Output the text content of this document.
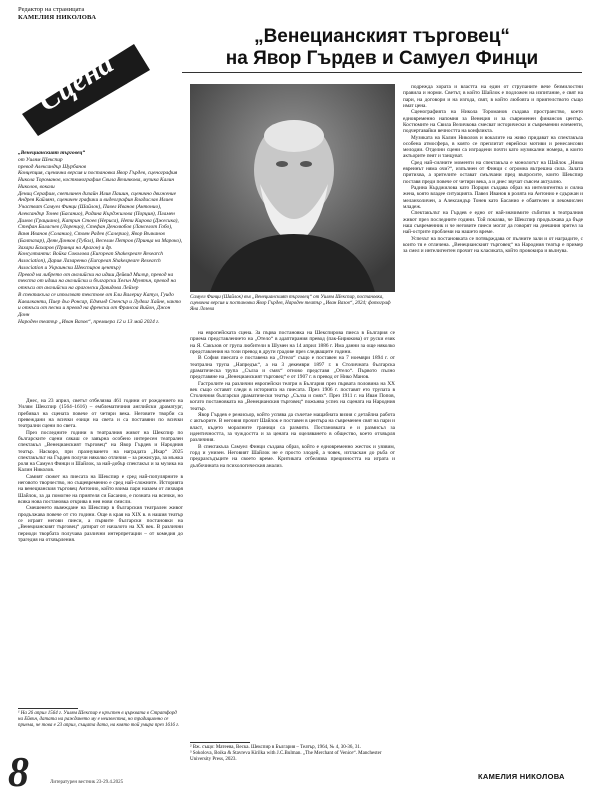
Редактор на страницата
КАМЕЛИЯ НИКОЛОВА
Сцена
„Венецианският търговец“
на Явор Гърдев и Самуел Финци
Самуел Финци (Шайлок) във „Венецианският търговец“ от Уилям Шекспир, постановка, сценична версия и постановка Явор Гърдев, Народен театър „Иван Вазов“, 2024; фотограф Яна Лозева
„Венецианският търговец“
от Уилям Шекспир
превод Александър Шурбанов
Концепция, сценична версия и постановка Явор Гърдев, сценография Никола Тороманов, костюмография Свила Величкова, музика Калин Николов, вокали
Дениц Серафим, светлинен дизайн Илия Пашин, сценично движение Андрея Кайлянз, сценичен графики и видеография Владислав Илиев
Участват Самуел Финци (Шайлок), Павел Иванов (Антонио), Александър Тонев (Басанио), Радина Кърджилова (Порция), Пламен Димов (Грациано), Катрин Стоев (Нериса), Нети Кирова (Джесика), Стефан Баласчев (Лоренцо), Стефан Денолюбов (Ланселот Гобо), Ваня Иванов (Соланио), Стоян Радев (Салерио), Явор Вълканов (Балтазар), Деян Донков (Тубал), Веселин Петров (Принца на Мароко), Захари Бахаров (Принца на Арагон) и др.
Консултанти: Войка Соколова (European Shakespeare Research Association), Дария Лазаренко (European Shakespeare Research Association и Украински Шекспиров център)
Превод на либрето от английски на идиш Дейвид Милър, превод на текста от идиш на английски и български Хелън Мунтън, превод на откъси от английски на арагонски Давидова Лейзер
В спектакъла се използват текстове от Ели Валериу Катул, Гуидо Кавалканти, Пиер дьо Ронсар, Едмънд Спенсър и Лудвиг Хайне, както и откъси от песни и превод на френски от Франсоа Вийон, Джон Донн
Народен театър „Иван Вазов“, премиера 12 и 13 май 2024 г.

Днес, на 23 април, светът отбелязва 461 години от рождението на Уилям Шекспир (1564–1616) – емблематичния английски драматург, пребивал на сцената повече от четири века. Неговите творби са превеждани на всички езици на света и са поставяни по всички театрални сцени по света.

През последните години в театралния живот на Шекспир по българските сцени сякаш се завърна особено интересен театрален спектакъл „Венецианският търговец“ на Явор Гърдев и Народния театър. Наскоро, при празнуването на наградата „Икар“ 2025 спектакълът на Гърдев получи няколко отличия – за режисура, за мъжка роля на Самуел Финци и Шайлок, за най-добър спектакъл и за музика на Калин Николов.

Самият сюжет на пиесата на Шекспир е сред най-популярните в неговото творчество, но същевременно е сред най-сложните. Историята на венецианския търговец Антонио, който взима пари назаем от лихваря Шайлок, за да помогне на приятеля си Басанио, е позната на всички, но всяка нова постановка открива в нея нови смисли.

Смешенето въвеждане на Шекспир в българския театрален живот продължава повече от сто години. Още в края на XIX в. в нашия театър се играят негови пиеси, а първите български постановки на „Венецианският търговец“ датират от началото на XX век. В различни периоди творбата получава различни интерпретации – от комедия до трагедия на отхвърления.

¹ На 26 април 1564 г. Уилям Шекспир е кръстен в църквата в Стратфорд на Ейвън, датата на раждането му е неизвестна, но традиционно се приема, че това е 23 април, същата дата, на която той умира през 1616 г.

на европейската сцена. За първа постановка на Шекспирова пиеса в България се приема представлението на „Отело“ в адаптирания превод (пак-Бирюкова) от руски език на Я. Сакъзов от група любители в Шумен на 14 април 1886 г. Има данни за още няколко представления на този превод в други градове през следващите години.

В София пиесата е поставена на „Отело“ също е поставен на 7 ноември 1894 г. от театрална трупа „Напредък“, а на 3 декември 1897 г. в Столичната българска драматическа трупа „Сълза и смях“ отново представя „Отело“. Първото пълно представяне на „Венецианският търговец“ е от 1907 г. в превод от Нико Манов.

Гастролите на различни европейски театри в България през първата половина на XX век също оставят следи в историята на пиесата. През 1906 г. поставят ето трупата в Столичния български драматически театър „Сълза и смях“. През 1911 г. на Иван Попов, когато постановката на „Венецианския търговец“ пожънва успех на сцената на Народния театър.

Явор Гърдев е режисьор, който успява да съчетае мащабната визия с детайлна работа с актьорите. В неговия прочит Шайлок е поставен в центъра на съвременен свят на пари и власт, където моралните граници са размити. Постановката е и размисъл за идентичността, за чуждостта и за цената на оцеляването в общество, което отхвърля различния.

В спектакъла Самуел Финци създава образ, който е едновременно жесток и уязвим, горд и унизен. Неговият Шайлок не е просто злодей, а човек, изтласкан до ръба от предразсъдъците на своето време. Критиката отбелязва прецизността на играта и дълбочината на психологическия анализ.

² Вж. също: Матеева, Веска. Шекспир в България – Театър, 1964, № 4, 30-36, 31.
³ Sokolova, Boika & Stavreva Kirilka with J.C.Bulman. „The Merchant of Venice“. Manchester University Press, 2023.

подрежда хората и властта на един от струпаните вече безмилостни правила и норми. Светът, в който Шайлок е подложен на изпитание, е свят на пари, на договори и на изгода, свят, в който любовта и приятелството също имат цена.

Сценографията на Никола Тороманов създава пространство, което едновременно напомня за Венеция и за съвременен финансов център. Костюмите на Свила Величкова смесват исторически и съвременни елементи, подчертавайки вечността на конфликта.

Музиката на Калин Николов и вокалите на живо придават на спектакъла особена атмосфера, в която се преплитат еврейски мотиви и ренесансови мелодии. Отделни сцени са изградени почти като музикални номера, в които актьорите пеят и танцуват.

Сред най-силните моменти на спектакъла е монологът на Шайлок „Нима евреинът няма очи?“, изпълнен от Финци с огромна вътрешна сила. Залата притихва, а зрителите остават смълчани пред въпросите, които Шекспир поставя преди повече от четири века, а и днес звучат съвсем актуално.

Радина Кърджилова като Порция създава образ на интелигентна и силна жена, която владее ситуацията. Павел Иванов в ролята на Антонио е сдържан и меланхоличен, а Александър Тонев като Басанио е обаятелен и лекомислен младеж.

Спектакълът на Гърдев е едно от най-значимите събития в театралния живот през последните години. Той показва, че Шекспир продължава да бъде наш съвременник и че неговите пиеси могат да говорят на днешния зрител за най-острите проблеми на нашето време.

Успехът на постановката се потвърждава от пълните зали и от наградите, с които тя е отличена. „Венецианският търговец“ на Народния театър е пример за смел и интелигентен прочит на класиката, който провокира и вълнува.

8	Литературен вестник 23-29.4.2025
КАМЕЛИЯ НИКОЛОВА
